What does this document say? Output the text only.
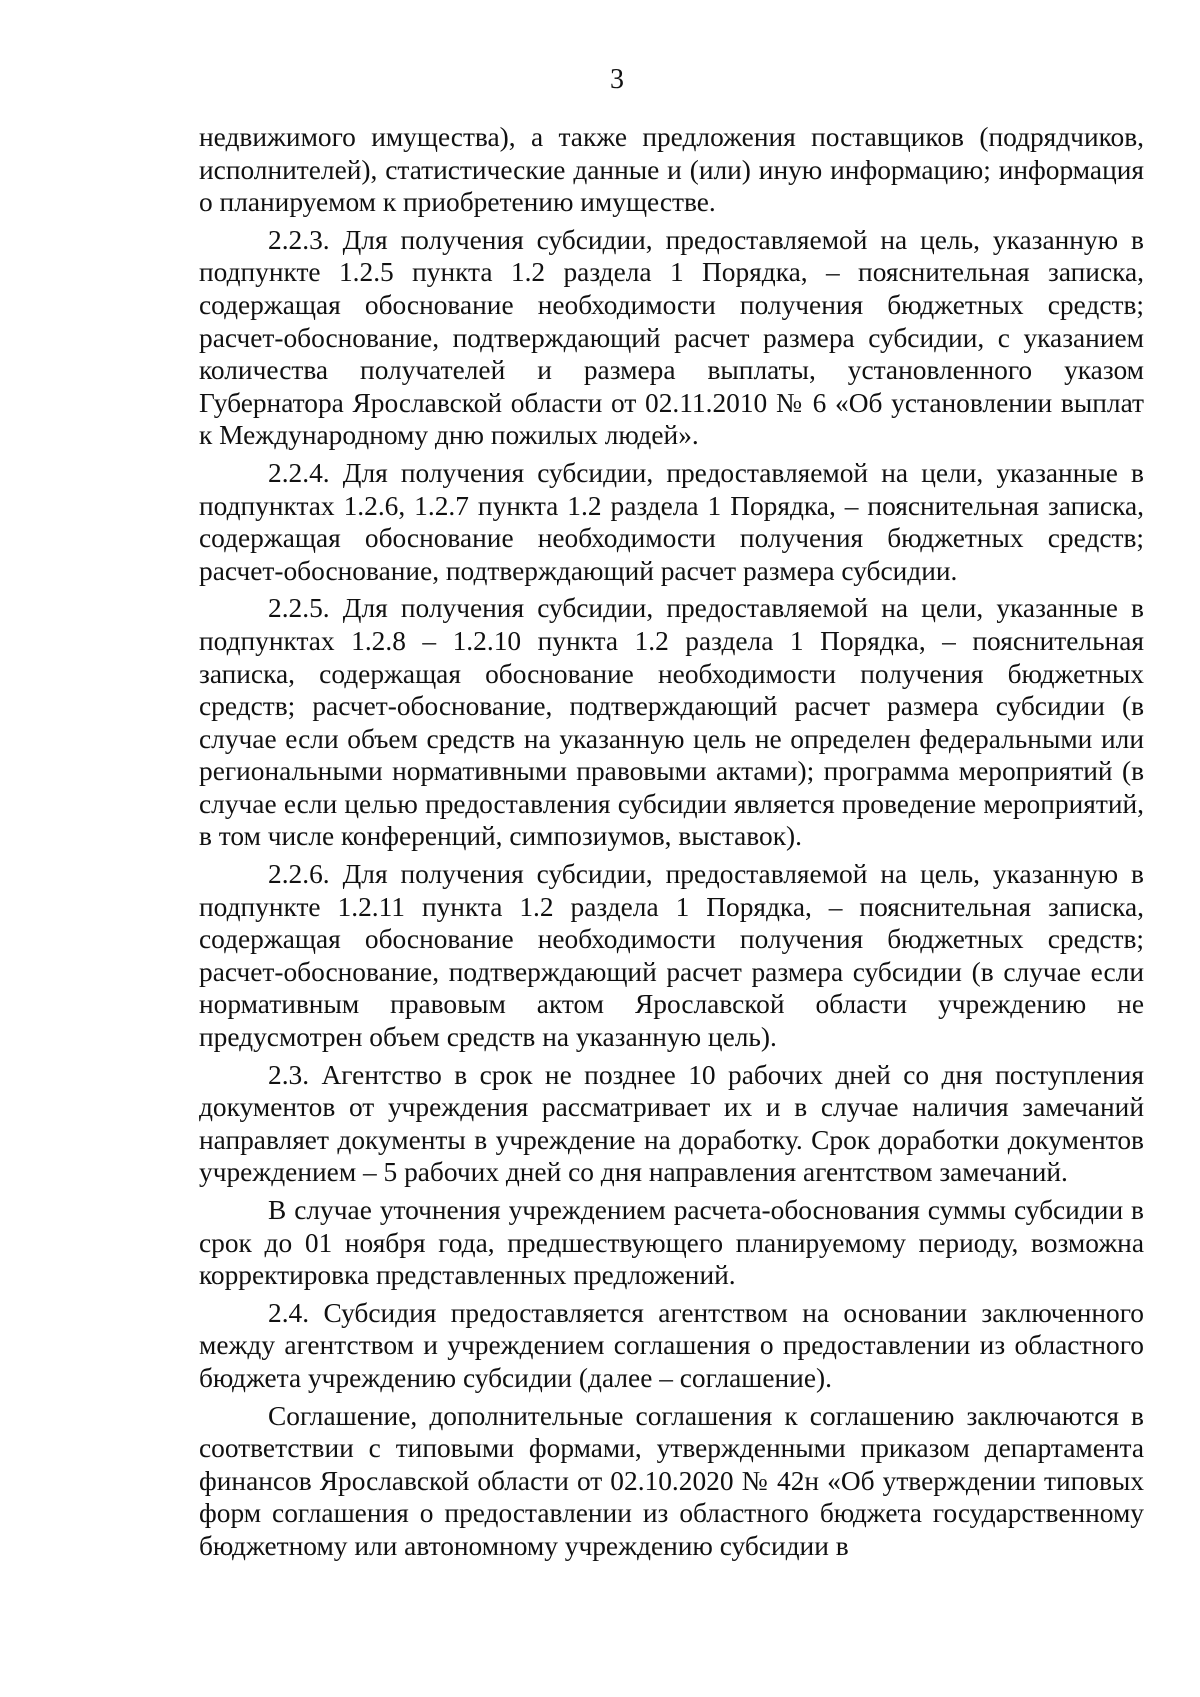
3

недвижимого имущества), а также предложения поставщиков (подрядчиков, исполнителей), статистические данные и (или) иную информацию; информация о планируемом к приобретению имуществе.

2.2.3. Для получения субсидии, предоставляемой на цель, указанную в подпункте 1.2.5 пункта 1.2 раздела 1 Порядка, – пояснительная записка, содержащая обоснование необходимости получения бюджетных средств; расчет-обоснование, подтверждающий расчет размера субсидии, с указанием количества получателей и размера выплаты, установленного указом Губернатора Ярославской области от 02.11.2010 № 6 «Об установлении выплат к Международному дню пожилых людей».

2.2.4. Для получения субсидии, предоставляемой на цели, указанные в подпунктах 1.2.6, 1.2.7 пункта 1.2 раздела 1 Порядка, – пояснительная записка, содержащая обоснование необходимости получения бюджетных средств; расчет-обоснование, подтверждающий расчет размера субсидии.

2.2.5. Для получения субсидии, предоставляемой на цели, указанные в подпунктах 1.2.8 – 1.2.10 пункта 1.2 раздела 1 Порядка, – пояснительная записка, содержащая обоснование необходимости получения бюджетных средств; расчет-обоснование, подтверждающий расчет размера субсидии (в случае если объем средств на указанную цель не определен федеральными или региональными нормативными правовыми актами); программа мероприятий (в случае если целью предоставления субсидии является проведение мероприятий, в том числе конференций, симпозиумов, выставок).

2.2.6. Для получения субсидии, предоставляемой на цель, указанную в подпункте 1.2.11 пункта 1.2 раздела 1 Порядка, – пояснительная записка, содержащая обоснование необходимости получения бюджетных средств; расчет-обоснование, подтверждающий расчет размера субсидии (в случае если нормативным правовым актом Ярославской области учреждению не предусмотрен объем средств на указанную цель).

2.3. Агентство в срок не позднее 10 рабочих дней со дня поступления документов от учреждения рассматривает их и в случае наличия замечаний направляет документы в учреждение на доработку. Срок доработки документов учреждением – 5 рабочих дней со дня направления агентством замечаний.

В случае уточнения учреждением расчета-обоснования суммы субсидии в срок до 01 ноября года, предшествующего планируемому периоду, возможна корректировка представленных предложений.

2.4. Субсидия предоставляется агентством на основании заключенного между агентством и учреждением соглашения о предоставлении из областного бюджета учреждению субсидии (далее – соглашение).

Соглашение, дополнительные соглашения к соглашению заключаются в соответствии с типовыми формами, утвержденными приказом департамента финансов Ярославской области от 02.10.2020 № 42н «Об утверждении типовых форм соглашения о предоставлении из областного бюджета государственному бюджетному или автономному учреждению субсидии в
